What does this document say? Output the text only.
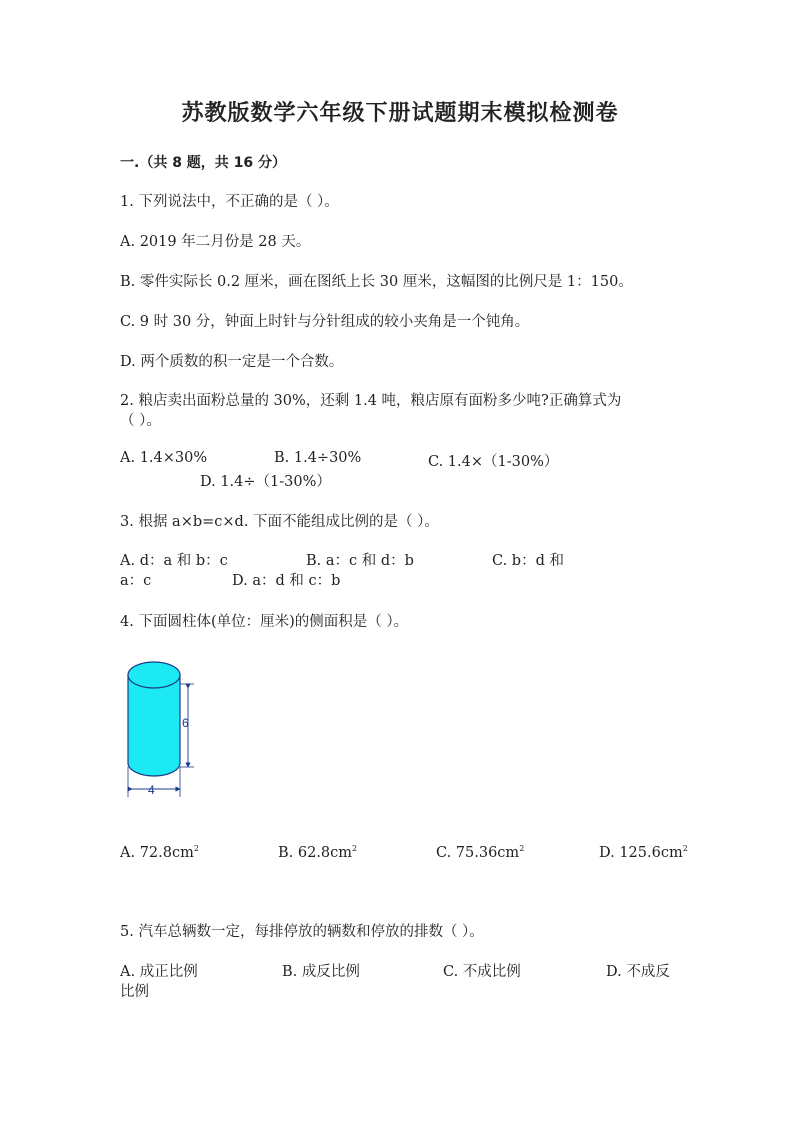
苏教版数学六年级下册试题期末模拟检测卷
一.（共 8 题，共 16 分）
1. 下列说法中，不正确的是（ ）。
A. 2019 年二月份是 28 天。
B. 零件实际长 0.2 厘米，画在图纸上长 30 厘米，这幅图的比例尺是 1：150。
C. 9 时 30 分，钟面上时针与分针组成的较小夹角是一个钝角。
D. 两个质数的积一定是一个合数。
2. 粮店卖出面粉总量的 30%，还剩 1.4 吨，粮店原有面粉多少吨?正确算式为
（ ）。
A. 1.4×30%	B. 1.4÷30%	C. 1.4×（1-30%）
D. 1.4÷（1-30%）
3. 根据 a×b=c×d. 下面不能组成比例的是（ ）。
A. d：a 和 b：c	B. a：c 和 d：b	C. b：d 和
a：c	D. a：d 和 c：b
4. 下面圆柱体(单位：厘米)的侧面积是（ ）。
6
4
A. $72.8cm^2$	B. $62.8cm^2$	C. $75.36cm^2$	D. $125.6cm^2$
5. 汽车总辆数一定，每排停放的辆数和停放的排数（ ）。
A. 成正比例	B. 成反比例	C. 不成比例	D. 不成反
比例
